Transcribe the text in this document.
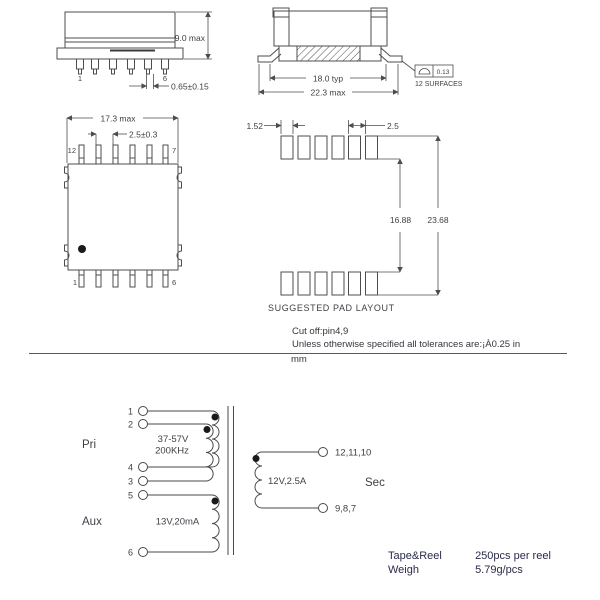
1	6
9.0 max
0.65±0.15
18.0 typ
22.3 max
0.13
12 SURFACES
17.3 max
2.5±0.3
12	7
1	6
1.52	2.5
16.88 23.68
SUGGESTED PAD LAYOUT
Cut off:pin4,9
Unless otherwise specified all tolerances are:¡À0.25 in
mm
1
2
4
3
5
6
Pri
Aux
Sec
37-57V
200KHz
13V,20mA
12V,2.5A
12,11,10
9,8,7
Tape&Reel	250pcs per reel
Weigh	5.79g/pcs
